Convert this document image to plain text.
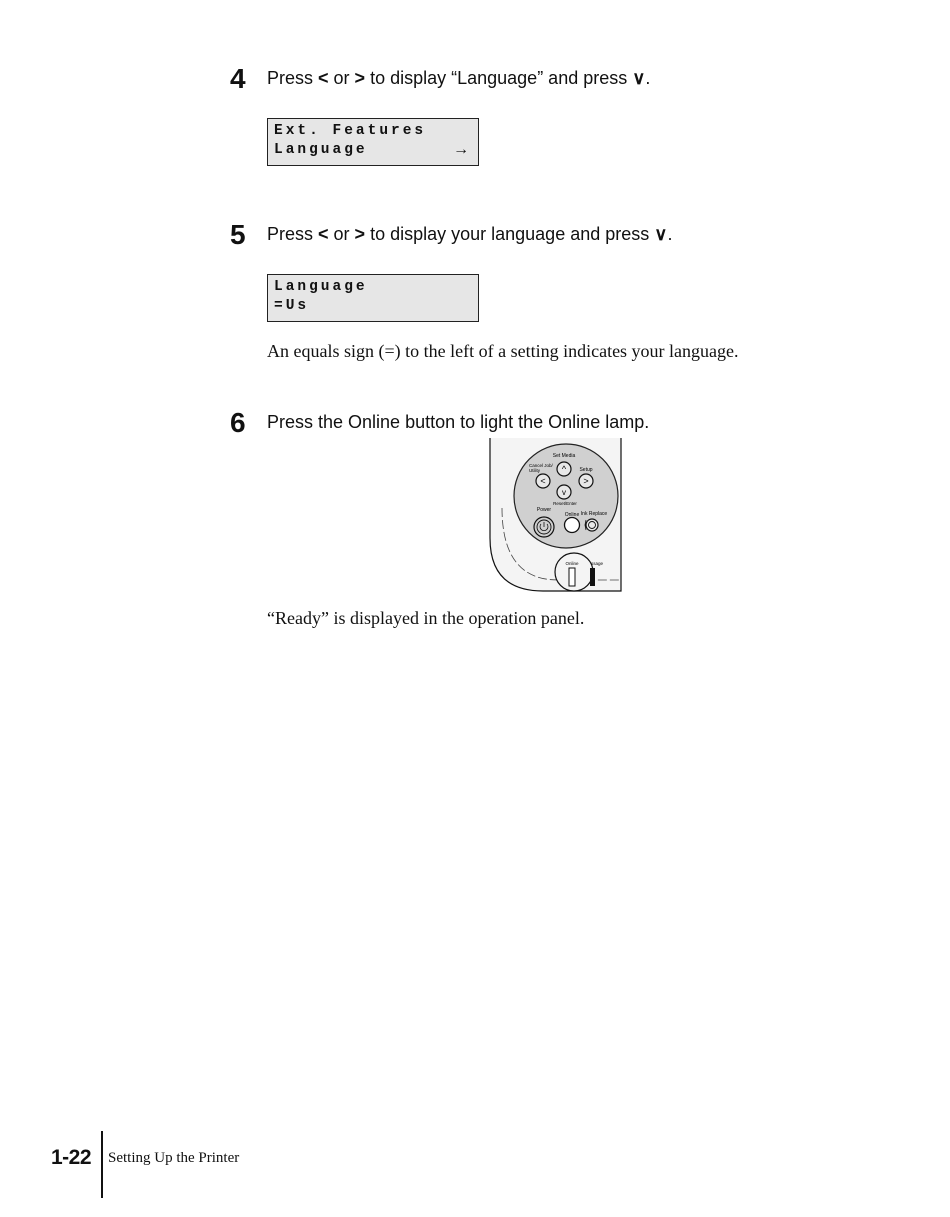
4 Press < or > to display “Language” and press ∨.
Ext. Features
Language	→
5 Press < or > to display your language and press ∨.
Language
=Us
An equals sign (=) to the left of a setting indicates your language.
6 Press the Online button to light the Online lamp.
Set Media
^
Cancel Job/
Utility
<
Setup
>
v
Reset/Enter
Power
Online Ink Replace
Online	ssage
“Ready” is displayed in the operation panel.
1-22 Setting Up the Printer
